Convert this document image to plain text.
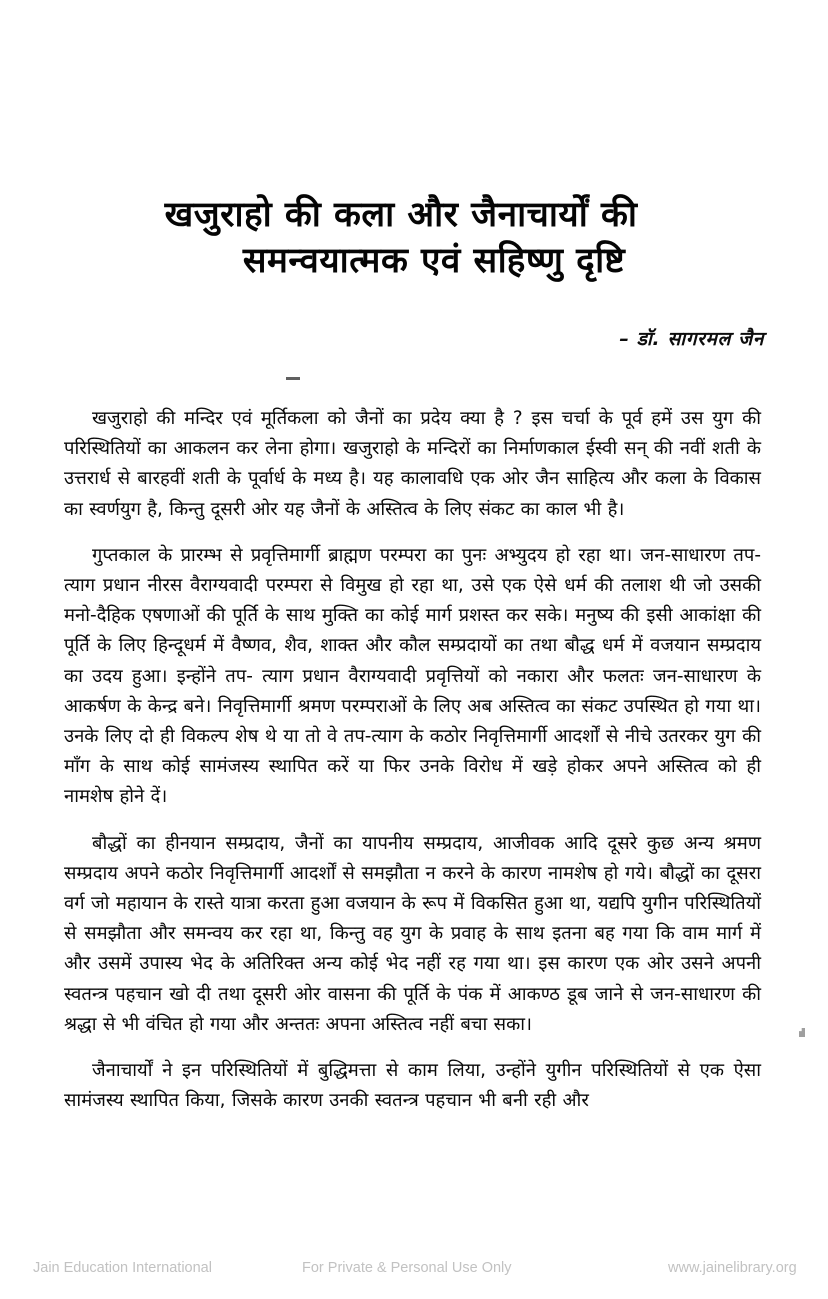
खजुराहो की कला और जैनाचार्यों की
समन्वयात्मक एवं सहिष्णु दृष्टि
– डॉ. सागरमल जैन

खजुराहो की मन्दिर एवं मूर्तिकला को जैनों का प्रदेय क्या है ? इस चर्चा के पूर्व हमें उस युग की परिस्थितियों का आकलन कर लेना होगा। खजुराहो के मन्दिरों का निर्माणकाल ईस्वी सन् की नवीं शती के उत्तरार्ध से बारहवीं शती के पूर्वार्ध के मध्य है। यह कालावधि एक ओर जैन साहित्य और कला के विकास का स्वर्णयुग है, किन्तु दूसरी ओर यह जैनों के अस्तित्व के लिए संकट का काल भी है।

गुप्तकाल के प्रारम्भ से प्रवृत्तिमार्गी ब्राह्मण परम्परा का पुनः अभ्युदय हो रहा था। जन-साधारण तप-त्याग प्रधान नीरस वैराग्यवादी परम्परा से विमुख हो रहा था, उसे एक ऐसे धर्म की तलाश थी जो उसकी मनो-दैहिक एषणाओं की पूर्ति के साथ मुक्ति का कोई मार्ग प्रशस्त कर सके। मनुष्य की इसी आकांक्षा की पूर्ति के लिए हिन्दूधर्म में वैष्णव, शैव, शाक्त और कौल सम्प्रदायों का तथा बौद्ध धर्म में वजयान सम्प्रदाय का उदय हुआ। इन्होंने तप- त्याग प्रधान वैराग्यवादी प्रवृत्तियों को नकारा और फलतः जन-साधारण के आकर्षण के केन्द्र बने। निवृत्तिमार्गी श्रमण परम्पराओं के लिए अब अस्तित्व का संकट उपस्थित हो गया था। उनके लिए दो ही विकल्प शेष थे या तो वे तप-त्याग के कठोर निवृत्तिमार्गी आदर्शों से नीचे उतरकर युग की माँग के साथ कोई सामंजस्य स्थापित करें या फिर उनके विरोध में खड़े होकर अपने अस्तित्व को ही नामशेष होने दें।

बौद्धों का हीनयान सम्प्रदाय, जैनों का यापनीय सम्प्रदाय, आजीवक आदि दूसरे कुछ अन्य श्रमण सम्प्रदाय अपने कठोर निवृत्तिमार्गी आदर्शों से समझौता न करने के कारण नामशेष हो गये। बौद्धों का दूसरा वर्ग जो महायान के रास्ते यात्रा करता हुआ वजयान के रूप में विकसित हुआ था, यद्यपि युगीन परिस्थितियों से समझौता और समन्वय कर रहा था, किन्तु वह युग के प्रवाह के साथ इतना बह गया कि वाम मार्ग में और उसमें उपास्य भेद के अतिरिक्त अन्य कोई भेद नहीं रह गया था। इस कारण एक ओर उसने अपनी स्वतन्त्र पहचान खो दी तथा दूसरी ओर वासना की पूर्ति के पंक में आकण्ठ डूब जाने से जन-साधारण की श्रद्धा से भी वंचित हो गया और अन्ततः अपना अस्तित्व नहीं बचा सका।

जैनाचार्यों ने इन परिस्थितियों में बुद्धिमत्ता से काम लिया, उन्होंने युगीन परिस्थितियों से एक ऐसा सामंजस्य स्थापित किया, जिसके कारण उनकी स्वतन्त्र पहचान भी बनी रही और

Jain Education International	For Private & Personal Use Only	www.jainelibrary.org
